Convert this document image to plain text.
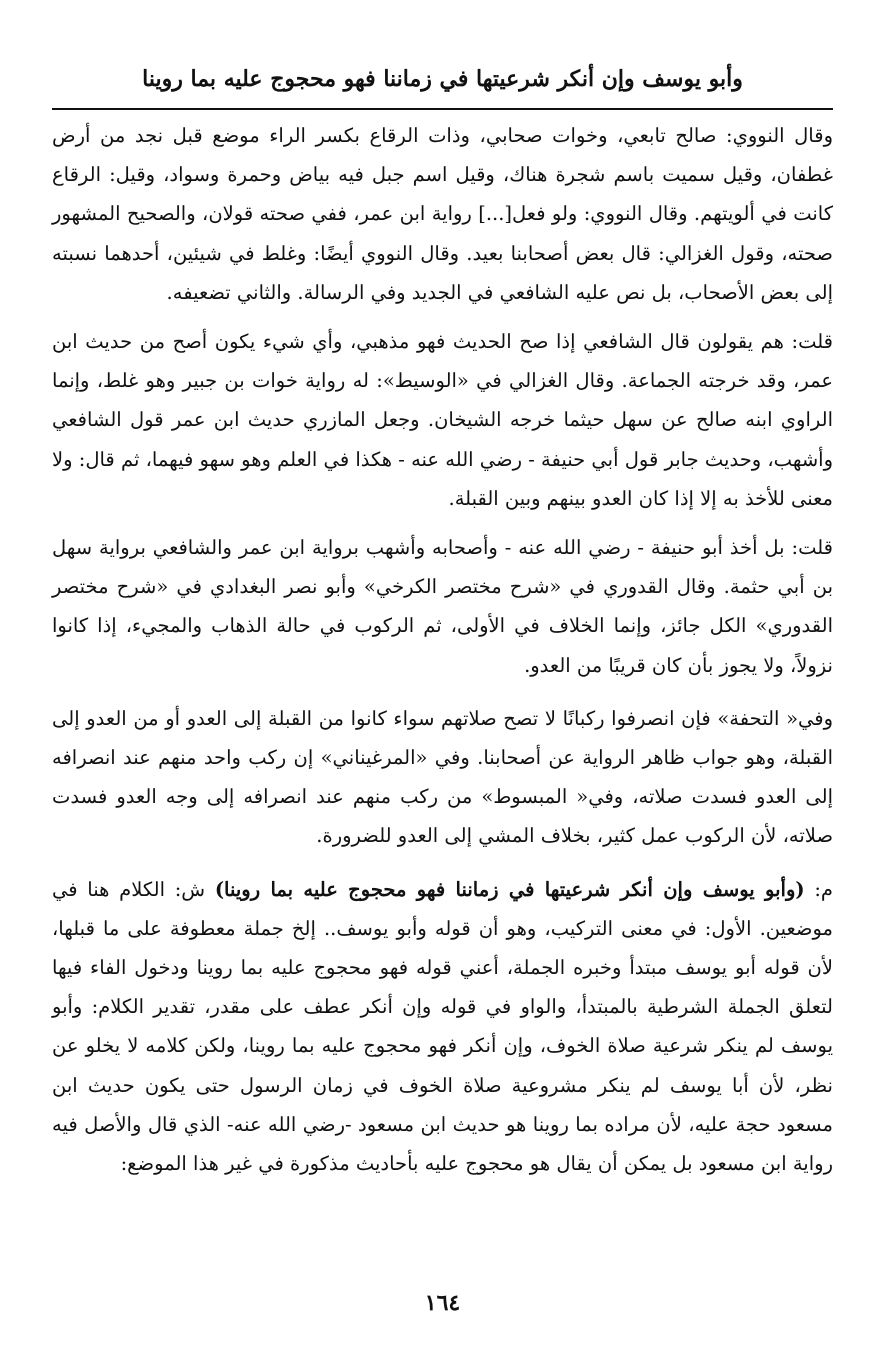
وأبو يوسف وإن أنكر شرعيتها في زماننا فهو محجوج عليه بما روينا

وقال النووي: صالح تابعي، وخوات صحابي، وذات الرقاع بكسر الراء موضع قبل نجد من أرض غطفان، وقيل سميت باسم شجرة هناك، وقيل اسم جبل فيه بياض وحمرة وسواد، وقيل: الرقاع كانت في ألويتهم. وقال النووي: ولو فعل[...] رواية ابن عمر، ففي صحته قولان، والصحيح المشهور صحته، وقول الغزالي: قال بعض أصحابنا بعيد. وقال النووي أيضًا: وغلط في شيئين، أحدهما نسبته إلى بعض الأصحاب، بل نص عليه الشافعي في الجديد وفي الرسالة. والثاني تضعيفه.

قلت: هم يقولون قال الشافعي إذا صح الحديث فهو مذهبي، وأي شيء يكون أصح من حديث ابن عمر، وقد خرجته الجماعة. وقال الغزالي في «الوسيط»: له رواية خوات بن جبير وهو غلط، وإنما الراوي ابنه صالح عن سهل حيثما خرجه الشيخان. وجعل المازري حديث ابن عمر قول الشافعي وأشهب، وحديث جابر قول أبي حنيفة - رضي الله عنه - هكذا في العلم وهو سهو فيهما، ثم قال: ولا معنى للأخذ به إلا إذا كان العدو بينهم وبين القبلة.

قلت: بل أخذ أبو حنيفة - رضي الله عنه - وأصحابه وأشهب برواية ابن عمر والشافعي برواية سهل بن أبي حثمة. وقال القدوري في «شرح مختصر الكرخي» وأبو نصر البغدادي في «شرح مختصر القدوري» الكل جائز، وإنما الخلاف في الأولى، ثم الركوب في حالة الذهاب والمجيء، إذا كانوا نزولاً، ولا يجوز بأن كان قريبًا من العدو.

وفي« التحفة» فإن انصرفوا ركبانًا لا تصح صلاتهم سواء كانوا من القبلة إلى العدو أو من العدو إلى القبلة، وهو جواب ظاهر الرواية عن أصحابنا. وفي «المرغيناني» إن ركب واحد منهم عند انصرافه إلى العدو فسدت صلاته، وفي« المبسوط» من ركب منهم عند انصرافه إلى وجه العدو فسدت صلاته، لأن الركوب عمل كثير، بخلاف المشي إلى العدو للضرورة.

م: (وأبو يوسف وإن أنكر شرعيتها في زماننا فهو محجوج عليه بما روينا) ش: الكلام هنا في موضعين. الأول: في معنى التركيب، وهو أن قوله وأبو يوسف.. إلخ جملة معطوفة على ما قبلها، لأن قوله أبو يوسف مبتدأ وخبره الجملة، أعني قوله فهو محجوج عليه بما روينا ودخول الفاء فيها لتعلق الجملة الشرطية بالمبتدأ، والواو في قوله وإن أنكر عطف على مقدر، تقدير الكلام: وأبو يوسف لم ينكر شرعية صلاة الخوف، وإن أنكر فهو محجوج عليه بما روينا، ولكن كلامه لا يخلو عن نظر، لأن أبا يوسف لم ينكر مشروعية صلاة الخوف في زمان الرسول حتى يكون حديث ابن مسعود حجة عليه، لأن مراده بما روينا هو حديث ابن مسعود -رضي الله عنه- الذي قال والأصل فيه رواية ابن مسعود بل يمكن أن يقال هو محجوج عليه بأحاديث مذكورة في غير هذا الموضع:

١٦٤
